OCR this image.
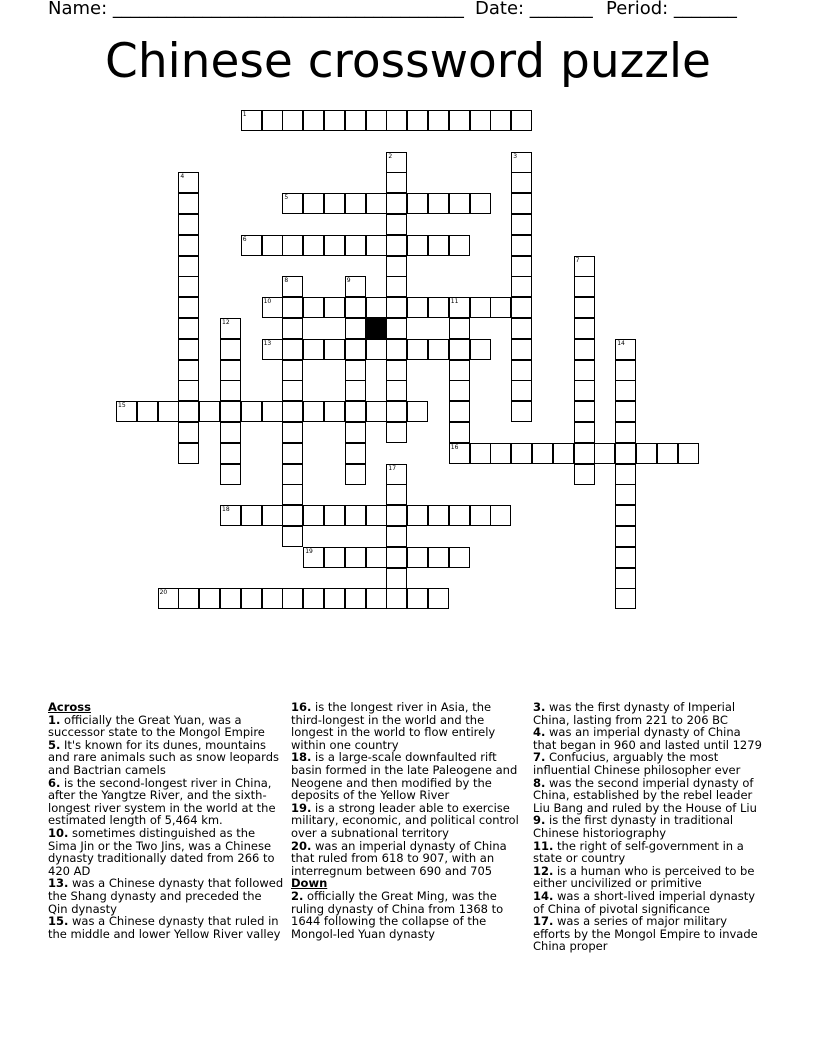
Name: _______________________________________ Date: _______ Period: _______
Chinese crossword puzzle
1
2	3
4
5
6
7
8	9
10	11
12
13	14
15
16
17
18
19
20
Across
1. officially the Great Yuan, was a successor state to the Mongol Empire
5. It's known for its dunes, mountains and rare animals such as snow leopards and Bactrian camels
6. is the second-longest river in China, after the Yangtze River, and the sixth-longest river system in the world at the estimated length of 5,464 km.
10. sometimes distinguished as the Sima Jin or the Two Jins, was a Chinese dynasty traditionally dated from 266 to 420 AD
13. was a Chinese dynasty that followed the Shang dynasty and preceded the Qin dynasty
15. was a Chinese dynasty that ruled in the middle and lower Yellow River valley
16. is the longest river in Asia, the third-longest in the world and the longest in the world to flow entirely within one country
18. is a large-scale downfaulted rift basin formed in the late Paleogene and Neogene and then modified by the deposits of the Yellow River
19. is a strong leader able to exercise military, economic, and political control over a subnational territory
20. was an imperial dynasty of China that ruled from 618 to 907, with an interregnum between 690 and 705
Down
2. officially the Great Ming, was the ruling dynasty of China from 1368 to 1644 following the collapse of the Mongol-led Yuan dynasty
3. was the first dynasty of Imperial China, lasting from 221 to 206 BC
4. was an imperial dynasty of China that began in 960 and lasted until 1279
7. Confucius, arguably the most influential Chinese philosopher ever
8. was the second imperial dynasty of China, established by the rebel leader Liu Bang and ruled by the House of Liu
9. is the first dynasty in traditional Chinese historiography
11. the right of self-government in a state or country
12. is a human who is perceived to be either uncivilized or primitive
14. was a short-lived imperial dynasty of China of pivotal significance
17. was a series of major military efforts by the Mongol Empire to invade China proper
